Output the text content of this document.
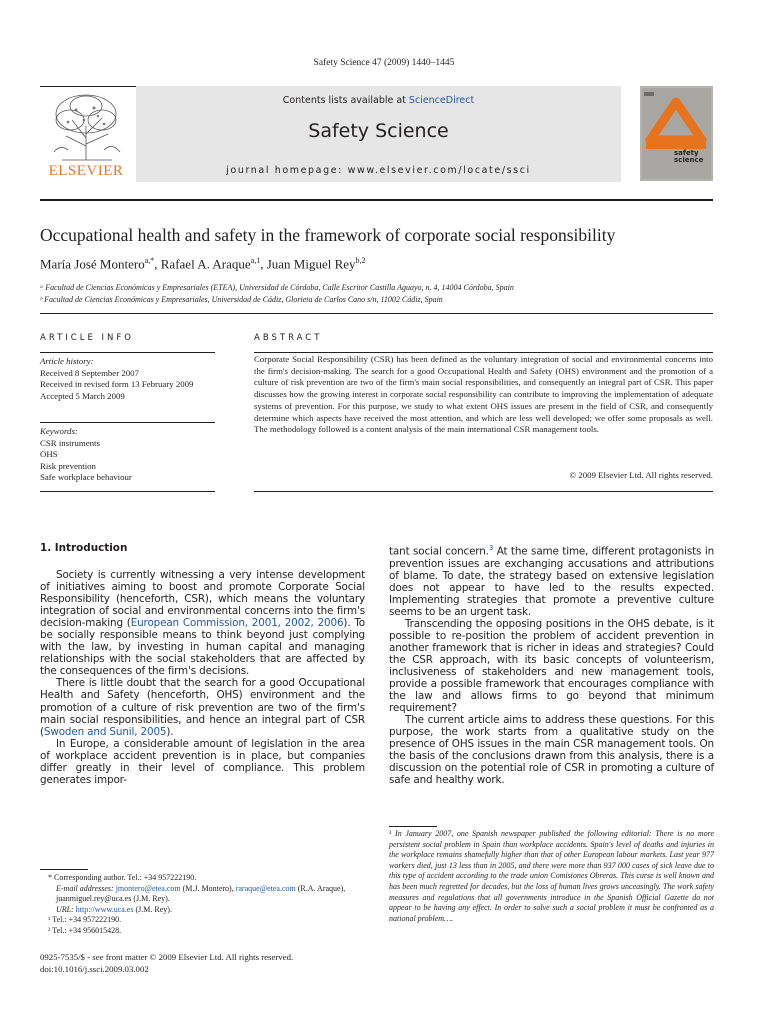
Safety Science 47 (2009) 1440–1445
ELSEVIER
Contents lists available at ScienceDirect
Safety Science
journal homepage: www.elsevier.com/locate/ssci
safety science
Occupational health and safety in the framework of corporate social responsibility
María José Montero$^{a,*}$, Rafael A. Araque$^{a,1}$, Juan Miguel Rey$^{b,2}$
ᵃ Facultad de Ciencias Económicas y Empresariales (ETEA), Universidad de Córdoba, Calle Escritor Castilla Aguayo, n. 4, 14004 Córdoba, Spain
ᵇ Facultad de Ciencias Económicas y Empresariales, Universidad de Cádiz, Glorieta de Carlos Cano s/n, 11002 Cádiz, Spain
ARTICLE INFO
Article history:
Received 8 September 2007
Received in revised form 13 February 2009
Accepted 5 March 2009
Keywords:
CSR instruments
OHS
Risk prevention
Safe workplace behaviour
ABSTRACT
Corporate Social Responsibility (CSR) has been defined as the voluntary integration of social and environmental concerns into the firm's decision-making. The search for a good Occupational Health and Safety (OHS) environment and the promotion of a culture of risk prevention are two of the firm's main social responsibilities, and consequently an integral part of CSR. This paper discusses how the growing interest in corporate social responsibility can contribute to improving the implementation of adequate systems of prevention. For this purpose, we study to what extent OHS issues are present in the field of CSR, and consequently determine which aspects have received the most attention, and which are less well developed; we offer some proposals as well. The methodology followed is a content analysis of the main international CSR management tools.
© 2009 Elsevier Ltd. All rights reserved.
1. Introduction

Society is currently witnessing a very intense development of initiatives aiming to boost and promote Corporate Social Responsibility (henceforth, CSR), which means the voluntary integration of social and environmental concerns into the firm's decision-making (European Commission, 2001, 2002, 2006). To be socially responsible means to think beyond just complying with the law, by investing in human capital and managing relationships with the social stakeholders that are affected by the consequences of the firm's decisions.

There is little doubt that the search for a good Occupational Health and Safety (henceforth, OHS) environment and the promotion of a culture of risk prevention are two of the firm's main social responsibilities, and hence an integral part of CSR (Swoden and Sunil, 2005).

In Europe, a considerable amount of legislation in the area of workplace accident prevention is in place, but companies differ greatly in their level of compliance. This problem generates impor-

tant social concern.$^3$ At the same time, different protagonists in prevention issues are exchanging accusations and attributions of blame. To date, the strategy based on extensive legislation does not appear to have led to the results expected. Implementing strategies that promote a preventive culture seems to be an urgent task.

Transcending the opposing positions in the OHS debate, is it possible to re-position the problem of accident prevention in another framework that is richer in ideas and strategies? Could the CSR approach, with its basic concepts of volunteerism, inclusiveness of stakeholders and new management tools, provide a possible framework that encourages compliance with the law and allows firms to go beyond that minimum requirement?

The current article aims to address these questions. For this purpose, the work starts from a qualitative study on the presence of OHS issues in the main CSR management tools. On the basis of the conclusions drawn from this analysis, there is a discussion on the potential role of CSR in promoting a culture of safe and healthy work.

³ In January 2007, one Spanish newspaper published the following editorial: There is no more persistent social problem in Spain than workplace accidents. Spain's level of deaths and injuries in the workplace remains shamefully higher than that of other European labour markets. Last year 977 workers died, just 13 less than in 2005, and there were more than 937 000 cases of sick leave due to this type of accident according to the trade union Comisiones Obreras. This curse is well known and has been much regretted for decades, but the loss of human lives grows unceasingly. The work safety measures and regulations that all governments introduce in the Spanish Official Gazette do not appear to be having any effect. In order to solve such a social problem it must be confronted as a national problem….
* Corresponding author. Tel.: +34 957222190.
E-mail addresses: jmontero@etea.com (M.J. Montero), raraque@etea.com (R.A. Araque), juanmiguel.rey@uca.es (J.M. Rey).
URL: http://www.uca.es (J.M. Rey).
¹ Tel.: +34 957222190.
² Tel.: +34 956015428.
0925-7535/$ - see front matter © 2009 Elsevier Ltd. All rights reserved.
doi:10.1016/j.ssci.2009.03.002
